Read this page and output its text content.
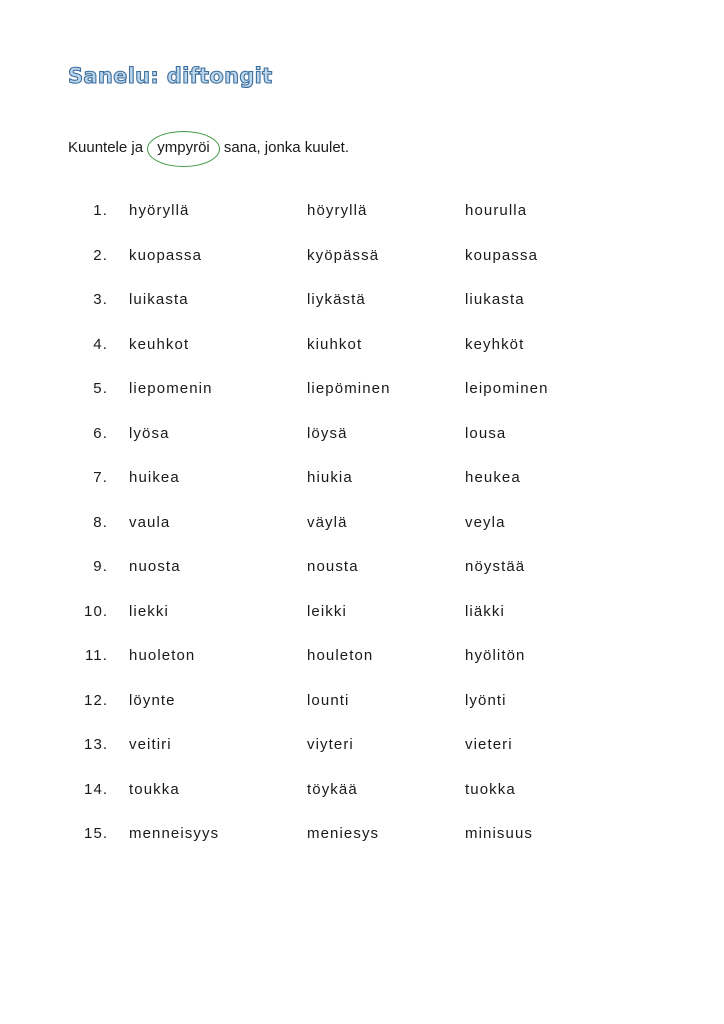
Sanelu: diftongit
Kuuntele ja ympyröi sana, jonka kuulet.
1. hyöryllä	höyryllä	hourulla
2. kuopassa	kyöpässä	koupassa
3. luikasta	liykästä	liukasta
4. keuhkot	kiuhkot	keyhköt
5. liepomenin	liepöminen	leipominen
6. lyösa	löysä	lousa
7. huikea	hiukia	heukea
8. vaula	väylä	veyla
9. nuosta	nousta	nöystää
10. liekki	leikki	liäkki
11. huoleton	houleton	hyölitön
12. löynte	lounti	lyönti
13. veitiri	viyteri	vieteri
14. toukka	töykää	tuokka
15. menneisyys	meniesys	minisuus
